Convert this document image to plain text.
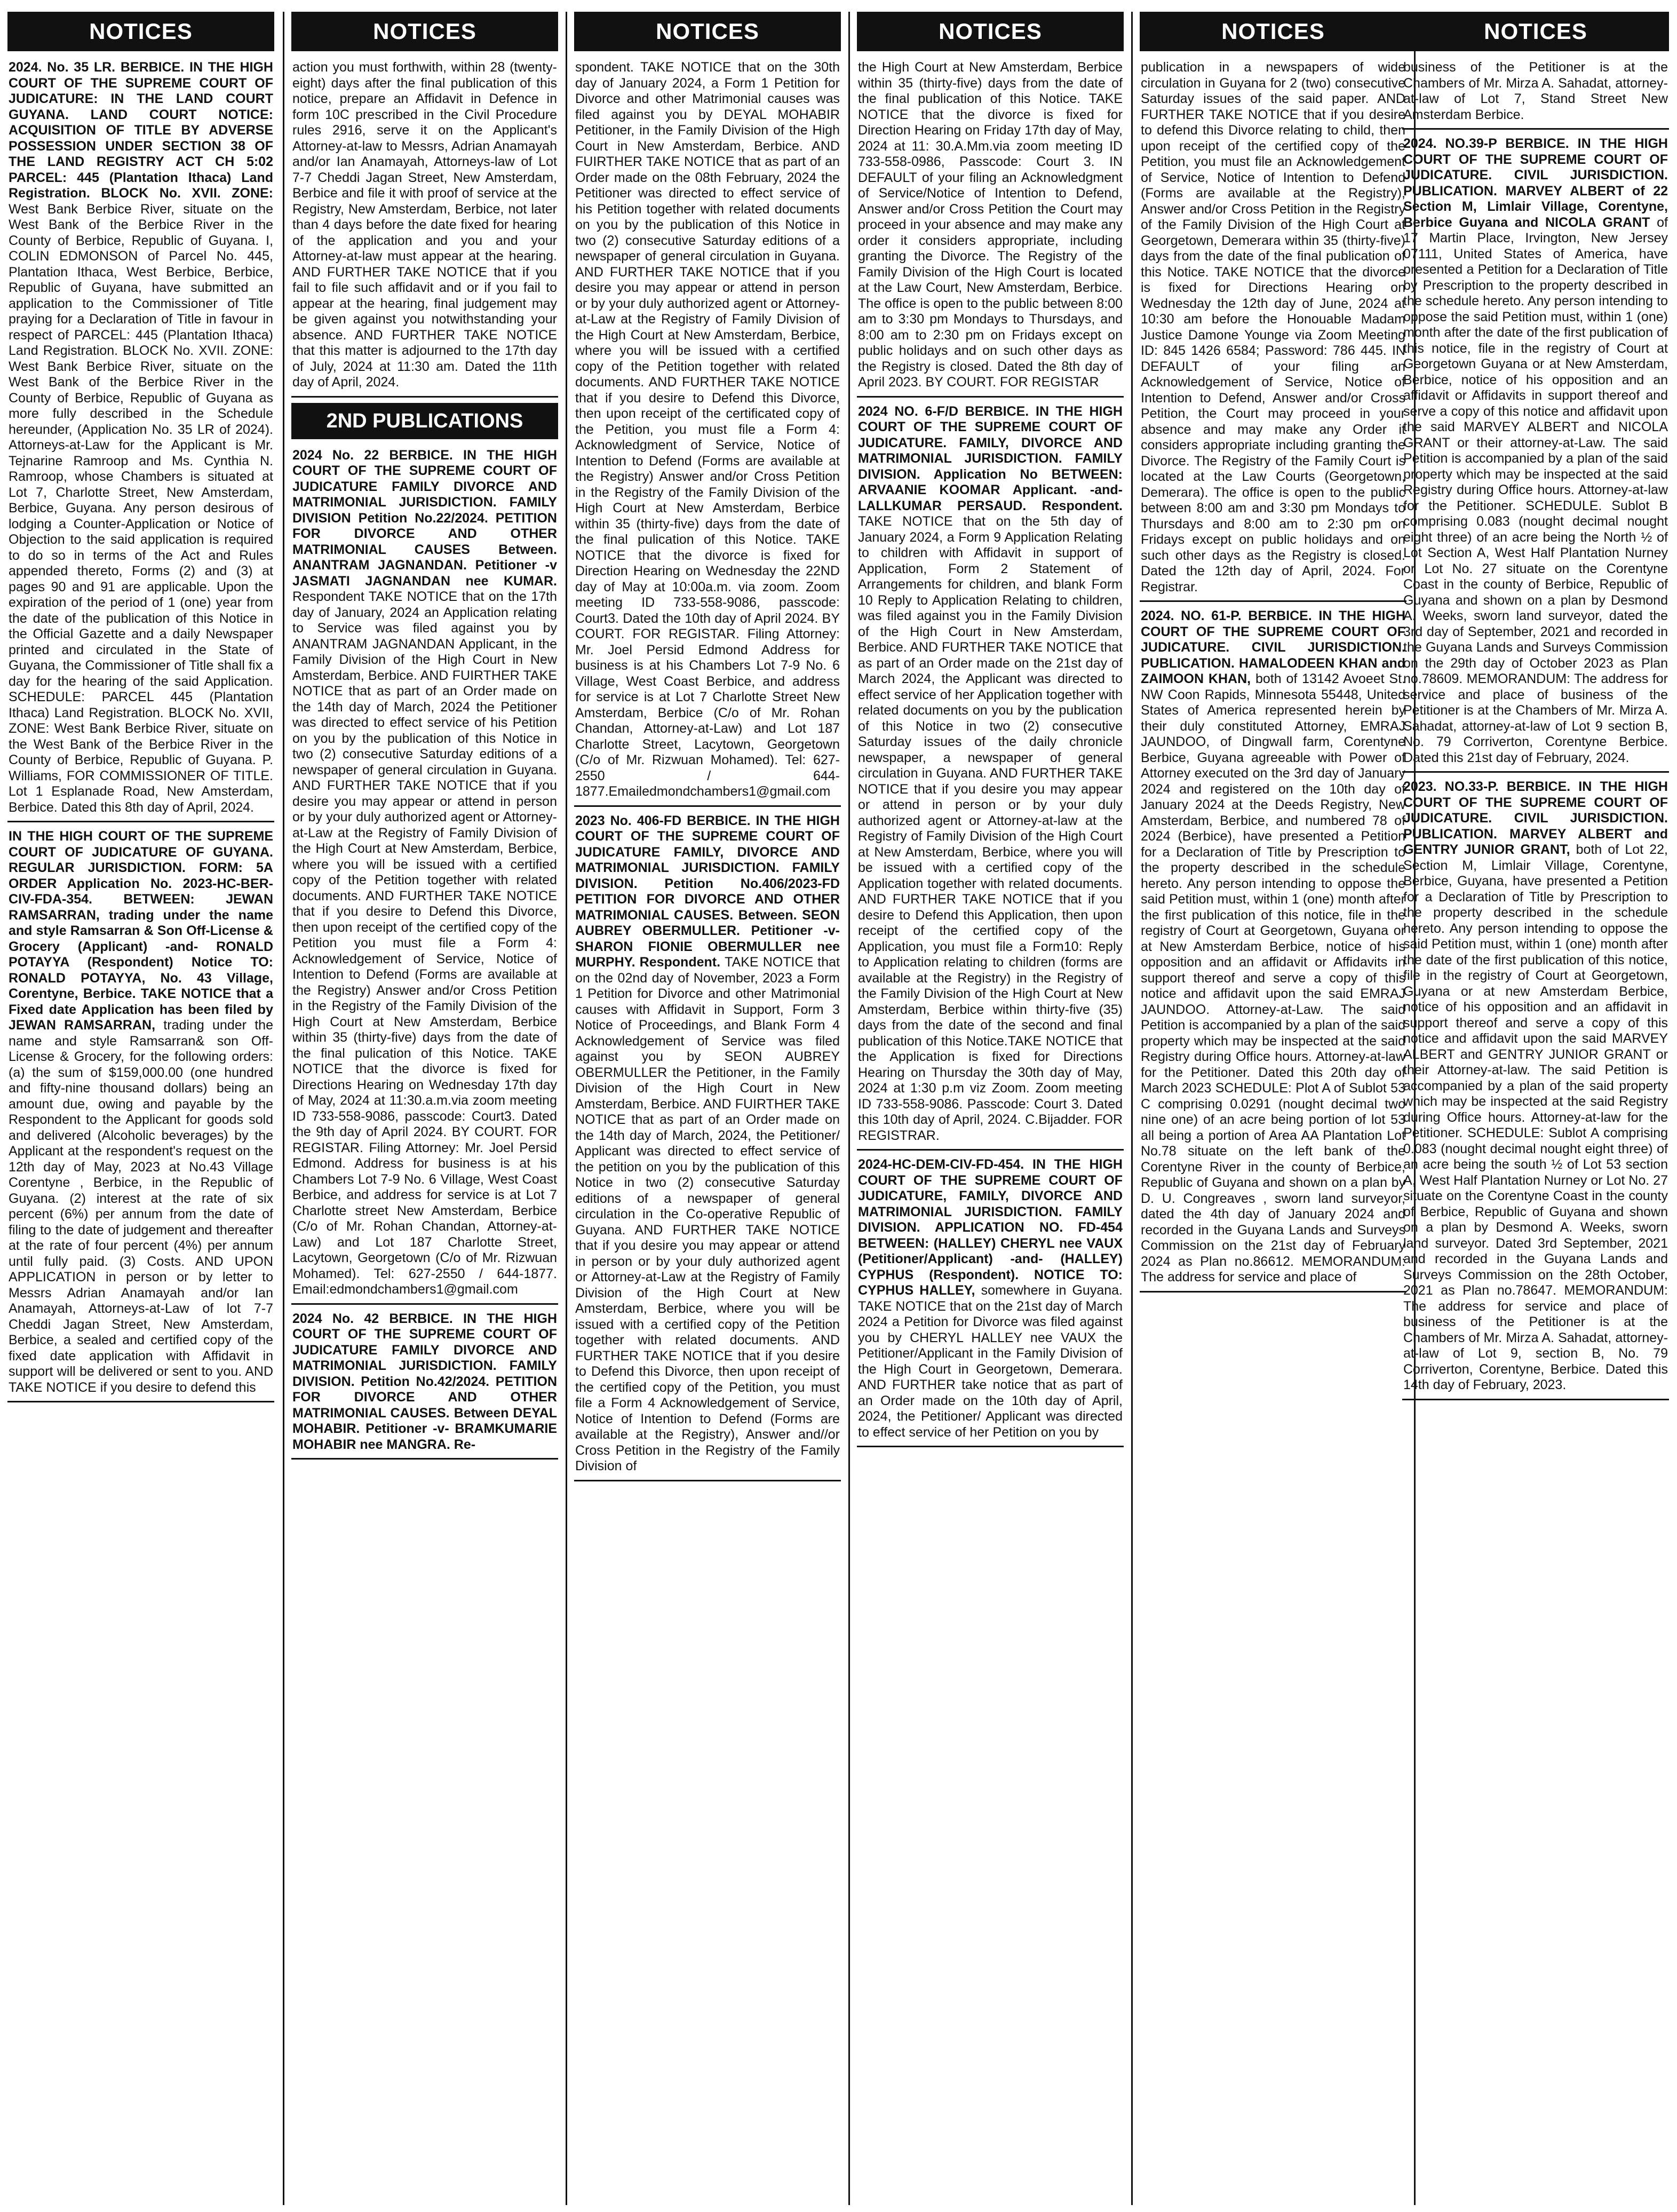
NOTICES
2024. No. 35 LR. BERBICE. IN THE HIGH COURT OF THE SUPREME COURT OF JUDICATURE: IN THE LAND COURT GUYANA. LAND COURT NOTICE: ACQUISITION OF TITLE BY ADVERSE POSSESSION UNDER SECTION 38 OF THE LAND REGISTRY ACT CH 5:02 PARCEL: 445 (Plantation Ithaca) Land Registration. BLOCK No. XVII. ZONE: West Bank Berbice River, situate on the West Bank of the Berbice River in the County of Berbice, Republic of Guyana. I, COLIN EDMONSON of Parcel No. 445, Plantation Ithaca, West Berbice, Berbice, Republic of Guyana, have submitted an application to the Commissioner of Title praying for a Declaration of Title in favour in respect of PARCEL: 445 (Plantation Ithaca) Land Registration. BLOCK No. XVII. ZONE: West Bank Berbice River, situate on the West Bank of the Berbice River in the County of Berbice, Republic of Guyana as more fully described in the Schedule hereunder, (Application No. 35 LR of 2024). Attorneys-at-Law for the Applicant is Mr. Tejnarine Ramroop and Ms. Cynthia N. Ramroop, whose Chambers is situated at Lot 7, Charlotte Street, New Amsterdam, Berbice, Guyana. Any person desirous of lodging a Counter-Application or Notice of Objection to the said application is required to do so in terms of the Act and Rules appended thereto, Forms (2) and (3) at pages 90 and 91 are applicable. Upon the expiration of the period of 1 (one) year from the date of the publication of this Notice in the Official Gazette and a daily Newspaper printed and circulated in the State of Guyana, the Commissioner of Title shall fix a day for the hearing of the said Application. SCHEDULE: PARCEL 445 (Plantation Ithaca) Land Registration. BLOCK No. XVII, ZONE: West Bank Berbice River, situate on the West Bank of the Berbice River in the County of Berbice, Republic of Guyana. P. Williams, FOR COMMISSIONER OF TITLE. Lot 1 Esplanade Road, New Amsterdam, Berbice. Dated this 8th day of April, 2024.
IN THE HIGH COURT OF THE SUPREME COURT OF JUDICATURE OF GUYANA. REGULAR JURISDICTION. FORM: 5A ORDER Application No. 2023-HC-BER-CIV-FDA-354. BETWEEN: JEWAN RAMSARRAN, trading under the name and style Ramsarran & Son Off-License & Grocery (Applicant) -and- RONALD POTAYYA (Respondent) Notice TO: RONALD POTAYYA, No. 43 Village, Corentyne, Berbice. TAKE NOTICE that a Fixed date Application has been filed by JEWAN RAMSARRAN, trading under the name and style Ramsarran& son Off-License & Grocery, for the following orders: (a) the sum of $159,000.00 (one hundred and fifty-nine thousand dollars) being an amount due, owing and payable by the Respondent to the Applicant for goods sold and delivered (Alcoholic beverages) by the Applicant at the respondent's request on the 12th day of May, 2023 at No.43 Village Corentyne , Berbice, in the Republic of Guyana. (2) interest at the rate of six percent (6%) per annum from the date of filing to the date of judgement and thereafter at the rate of four percent (4%) per annum until fully paid. (3) Costs. AND UPON APPLICATION in person or by letter to Messrs Adrian Anamayah and/or Ian Anamayah, Attorneys-at-Law of lot 7-7 Cheddi Jagan Street, New Amsterdam, Berbice, a sealed and certified copy of the fixed date application with Affidavit in support will be delivered or sent to you. AND TAKE NOTICE if you desire to defend this
NOTICES
action you must forthwith, within 28 (twenty- eight) days after the final publication of this notice, prepare an Affidavit in Defence in form 10C prescribed in the Civil Procedure rules 2916, serve it on the Applicant's Attorney-at-law to Messrs, Adrian Anamayah and/or Ian Anamayah, Attorneys-law of Lot 7-7 Cheddi Jagan Street, New Amsterdam, Berbice and file it with proof of service at the Registry, New Amsterdam, Berbice, not later than 4 days before the date fixed for hearing of the application and you and your Attorney-at-law must appear at the hearing. AND FURTHER TAKE NOTICE that if you fail to file such affidavit and or if you fail to appear at the hearing, final judgement may be given against you notwithstanding your absence. AND FURTHER TAKE NOTICE that this matter is adjourned to the 17th day of July, 2024 at 11:30 am. Dated the 11th day of April, 2024.
2ND PUBLICATIONS
2024 No. 22 BERBICE. IN THE HIGH COURT OF THE SUPREME COURT OF JUDICATURE FAMILY DIVORCE AND MATRIMONIAL JURISDICTION. FAMILY DIVISION Petition No.22/2024. PETITION FOR DIVORCE AND OTHER MATRIMONIAL CAUSES Between. ANANTRAM JAGNANDAN. Petitioner -v JASMATI JAGNANDAN nee KUMAR. Respondent TAKE NOTICE that on the 17th day of January, 2024 an Application relating to Service was filed against you by ANANTRAM JAGNANDAN Applicant, in the Family Division of the High Court in New Amsterdam, Berbice. AND FUIRTHER TAKE NOTICE that as part of an Order made on the 14th day of March, 2024 the Petitioner was directed to effect service of his Petition on you by the publication of this Notice in two (2) consecutive Saturday editions of a newspaper of general circulation in Guyana. AND FURTHER TAKE NOTICE that if you desire you may appear or attend in person or by your duly authorized agent or Attorney-at-Law at the Registry of Family Division of the High Court at New Amsterdam, Berbice, where you will be issued with a certified copy of the Petition together with related documents. AND FURTHER TAKE NOTICE that if you desire to Defend this Divorce, then upon receipt of the certified copy of the Petition you must file a Form 4: Acknowledgement of Service, Notice of Intention to Defend (Forms are available at the Registry) Answer and/or Cross Petition in the Registry of the Family Division of the High Court at New Amsterdam, Berbice within 35 (thirty-five) days from the date of the final pulication of this Notice. TAKE NOTICE that the divorce is fixed for Directions Hearing on Wednesday 17th day of May, 2024 at 11:30.a.m.via zoom meeting ID 733-558-9086, passcode: Court3. Dated the 9th day of April 2024. BY COURT. FOR REGISTAR. Filing Attorney: Mr. Joel Persid Edmond. Address for business is at his Chambers Lot 7-9 No. 6 Village, West Coast Berbice, and address for service is at Lot 7 Charlotte street New Amsterdam, Berbice (C/o of Mr. Rohan Chandan, Attorney-at-Law) and Lot 187 Charlotte Street, Lacytown, Georgetown (C/o of Mr. Rizwuan Mohamed). Tel: 627-2550 / 644-1877. Email:edmondchambers1@gmail.com
2024 No. 42 BERBICE. IN THE HIGH COURT OF THE SUPREME COURT OF JUDICATURE FAMILY DIVORCE AND MATRIMONIAL JURISDICTION. FAMILY DIVISION. Petition No.42/2024. PETITION FOR DIVORCE AND OTHER MATRIMONIAL CAUSES. Between DEYAL MOHABIR. Petitioner -v- BRAMKUMARIE MOHABIR nee MANGRA. Re-
NOTICES
spondent. TAKE NOTICE that on the 30th day of January 2024, a Form 1 Petition for Divorce and other Matrimonial causes was filed against you by DEYAL MOHABIR Petitioner, in the Family Division of the High Court in New Amsterdam, Berbice. AND FUIRTHER TAKE NOTICE that as part of an Order made on the 08th February, 2024 the Petitioner was directed to effect service of his Petition together with related documents on you by the publication of this Notice in two (2) consecutive Saturday editions of a newspaper of general circulation in Guyana. AND FURTHER TAKE NOTICE that if you desire you may appear or attend in person or by your duly authorized agent or Attorney-at-Law at the Registry of Family Division of the High Court at New Amsterdam, Berbice, where you will be issued with a certified copy of the Petition together with related documents. AND FURTHER TAKE NOTICE that if you desire to Defend this Divorce, then upon receipt of the certificated copy of the Petition, you must file a Form 4: Acknowledgment of Service, Notice of Intention to Defend (Forms are available at the Registry) Answer and/or Cross Petition in the Registry of the Family Division of the High Court at New Amsterdam, Berbice within 35 (thirty-five) days from the date of the final pulication of this Notice. TAKE NOTICE that the divorce is fixed for Direction Hearing on Wednesday the 22ND day of May at 10:00a.m. via zoom. Zoom meeting ID 733-558-9086, passcode: Court3. Dated the 10th day of April 2024. BY COURT. FOR REGISTAR. Filing Attorney: Mr. Joel Persid Edmond Address for business is at his Chambers Lot 7-9 No. 6 Village, West Coast Berbice, and address for service is at Lot 7 Charlotte Street New Amsterdam, Berbice (C/o of Mr. Rohan Chandan, Attorney-at-Law) and Lot 187 Charlotte Street, Lacytown, Georgetown (C/o of Mr. Rizwuan Mohamed). Tel: 627-2550 / 644-1877.Emailedmondchambers1@gmail.com
2023 No. 406-FD BERBICE. IN THE HIGH COURT OF THE SUPREME COURT OF JUDICATURE FAMILY, DIVORCE AND MATRIMONIAL JURISDICTION. FAMILY DIVISION. Petition No.406/2023-FD PETITION FOR DIVORCE AND OTHER MATRIMONIAL CAUSES. Between. SEON AUBREY OBERMULLER. Petitioner -v- SHARON FIONIE OBERMULLER nee MURPHY. Respondent. TAKE NOTICE that on the 02nd day of November, 2023 a Form 1 Petition for Divorce and other Matrimonial causes with Affidavit in Support, Form 3 Notice of Proceedings, and Blank Form 4 Acknowledgement of Service was filed against you by SEON AUBREY OBERMULLER the Petitioner, in the Family Division of the High Court in New Amsterdam, Berbice. AND FUIRTHER TAKE NOTICE that as part of an Order made on the 14th day of March, 2024, the Petitioner/ Applicant was directed to effect service of the petition on you by the publication of this Notice in two (2) consecutive Saturday editions of a newspaper of general circulation in the Co-operative Republic of Guyana. AND FURTHER TAKE NOTICE that if you desire you may appear or attend in person or by your duly authorized agent or Attorney-at-Law at the Registry of Family Division of the High Court at New Amsterdam, Berbice, where you will be issued with a certified copy of the Petition together with related documents. AND FURTHER TAKE NOTICE that if you desire to Defend this Divorce, then upon receipt of the certified copy of the Petition, you must file a Form 4 Acknowledgement of Service, Notice of Intention to Defend (Forms are available at the Registry), Answer and//or Cross Petition in the Registry of the Family Division of
NOTICES
the High Court at New Amsterdam, Berbice within 35 (thirty-five) days from the date of the final publication of this Notice. TAKE NOTICE that the divorce is fixed for Direction Hearing on Friday 17th day of May, 2024 at 11: 30.A.Mm.via zoom meeting ID 733-558-0986, Passcode: Court 3. IN DEFAULT of your filing an Acknowledgment of Service/Notice of Intention to Defend, Answer and/or Cross Petition the Court may proceed in your absence and may make any order it considers appropriate, including granting the Divorce. The Registry of the Family Division of the High Court is located at the Law Court, New Amsterdam, Berbice. The office is open to the public between 8:00 am to 3:30 pm Mondays to Thursdays, and 8:00 am to 2:30 pm on Fridays except on public holidays and on such other days as the Registry is closed. Dated the 8th day of April 2023. BY COURT. FOR REGISTAR
2024 NO. 6-F/D BERBICE. IN THE HIGH COURT OF THE SUPREME COURT OF JUDICATURE. FAMILY, DIVORCE AND MATRIMONIAL JURISDICTION. FAMILY DIVISION. Application No BETWEEN: ARVAANIE KOOMAR Applicant. -and- LALLKUMAR PERSAUD. Respondent. TAKE NOTICE that on the 5th day of January 2024, a Form 9 Application Relating to children with Affidavit in support of Application, Form 2 Statement of Arrangements for children, and blank Form 10 Reply to Application Relating to children, was filed against you in the Family Division of the High Court in New Amsterdam, Berbice. AND FURTHER TAKE NOTICE that as part of an Order made on the 21st day of March 2024, the Applicant was directed to effect service of her Application together with related documents on you by the publication of this Notice in two (2) consecutive Saturday issues of the daily chronicle newspaper, a newspaper of general circulation in Guyana. AND FURTHER TAKE NOTICE that if you desire you may appear or attend in person or by your duly authorized agent or Attorney-at-law at the Registry of Family Division of the High Court at New Amsterdam, Berbice, where you will be issued with a certified copy of the Application together with related documents. AND FURTHER TAKE NOTICE that if you desire to Defend this Application, then upon receipt of the certified copy of the Application, you must file a Form10: Reply to Application relating to children (forms are available at the Registry) in the Registry of the Family Division of the High Court at New Amsterdam, Berbice within thirty-five (35) days from the date of the second and final publication of this Notice.TAKE NOTICE that the Application is fixed for Directions Hearing on Thursday the 30th day of May, 2024 at 1:30 p.m viz Zoom. Zoom meeting ID 733-558-9086. Passcode: Court 3. Dated this 10th day of April, 2024. C.Bijadder. FOR REGISTRAR.
2024-HC-DEM-CIV-FD-454. IN THE HIGH COURT OF THE SUPREME COURT OF JUDICATURE, FAMILY, DIVORCE AND MATRIMONIAL JURISDICTION. FAMILY DIVISION. APPLICATION NO. FD-454 BETWEEN: (HALLEY) CHERYL nee VAUX (Petitioner/Applicant) -and- (HALLEY) CYPHUS (Respondent). NOTICE TO: CYPHUS HALLEY, somewhere in Guyana. TAKE NOTICE that on the 21st day of March 2024 a Petition for Divorce was filed against you by CHERYL HALLEY nee VAUX the Petitioner/Applicant in the Family Division of the High Court in Georgetown, Demerara. AND FURTHER take notice that as part of an Order made on the 10th day of April, 2024, the Petitioner/ Applicant was directed to effect service of her Petition on you by
NOTICES
publication in a newspapers of wide circulation in Guyana for 2 (two) consecutive Saturday issues of the said paper. AND FURTHER TAKE NOTICE that if you desire to defend this Divorce relating to child, then upon receipt of the certified copy of the Petition, you must file an Acknowledgement of Service, Notice of Intention to Defend (Forms are available at the Registry), Answer and/or Cross Petition in the Registry of the Family Division of the High Court at Georgetown, Demerara within 35 (thirty-five) days from the date of the final publication of this Notice. TAKE NOTICE that the divorce is fixed for Directions Hearing on Wednesday the 12th day of June, 2024 at 10:30 am before the Honouable Madam Justice Damone Younge via Zoom Meeting ID: 845 1426 6584; Password: 786 445. IN DEFAULT of your filing an Acknowledgement of Service, Notice of Intention to Defend, Answer and/or Cross Petition, the Court may proceed in your absence and may make any Order it considers appropriate including granting the Divorce. The Registry of the Family Court is located at the Law Courts (Georgetown, Demerara). The office is open to the public between 8:00 am and 3:30 pm Mondays to Thursdays and 8:00 am to 2:30 pm on Fridays except on public holidays and on such other days as the Registry is closed. Dated the 12th day of April, 2024. For Registrar.
2024. NO. 61-P. BERBICE. IN THE HIGH COURT OF THE SUPREME COURT OF JUDICATURE. CIVIL JURISDICTION. PUBLICATION. HAMALODEEN KHAN and ZAIMOON KHAN, both of 13142 Avoeet St. NW Coon Rapids, Minnesota 55448, United States of America represented herein by their duly constituted Attorney, EMRAJ JAUNDOO, of Dingwall farm, Corentyne Berbice, Guyana agreeable with Power of Attorney executed on the 3rd day of January 2024 and registered on the 10th day of January 2024 at the Deeds Registry, New Amsterdam, Berbice, and numbered 78 of 2024 (Berbice), have presented a Petition for a Declaration of Title by Prescription to the property described in the schedule hereto. Any person intending to oppose the said Petition must, within 1 (one) month after the first publication of this notice, file in the registry of Court at Georgetown, Guyana or at New Amsterdam Berbice, notice of his opposition and an affidavit or Affidavits in support thereof and serve a copy of this notice and affidavit upon the said EMRAJ JAUNDOO. Attorney-at-Law. The said Petition is accompanied by a plan of the said property which may be inspected at the said Registry during Office hours. Attorney-at-law for the Petitioner. Dated this 20th day of March 2023 SCHEDULE: Plot A of Sublot 53 C comprising 0.0291 (nought decimal two nine one) of an acre being portion of lot 53 all being a portion of Area AA Plantation Lot No.78 situate on the left bank of the Corentyne River in the county of Berbice, Republic of Guyana and shown on a plan by D. U. Congreaves , sworn land surveyor, dated the 4th day of January 2024 and recorded in the Guyana Lands and Surveys Commission on the 21st day of February 2024 as Plan no.86612. MEMORANDUM: The address for service and place of
NOTICES
business of the Petitioner is at the Chambers of Mr. Mirza A. Sahadat, attorney-at-law of Lot 7, Stand Street New Amsterdam Berbice.
2024. NO.39-P BERBICE. IN THE HIGH COURT OF THE SUPREME COURT OF JUDICATURE. CIVIL JURISDICTION. PUBLICATION. MARVEY ALBERT of 22 Section M, Limlair Village, Corentyne, Berbice Guyana and NICOLA GRANT of 17 Martin Place, Irvington, New Jersey 07111, United States of America, have presented a Petition for a Declaration of Title by Prescription to the property described in the schedule hereto. Any person intending to oppose the said Petition must, within 1 (one) month after the date of the first publication of this notice, file in the registry of Court at Georgetown Guyana or at New Amsterdam, Berbice, notice of his opposition and an affidavit or Affidavits in support thereof and serve a copy of this notice and affidavit upon the said MARVEY ALBERT and NICOLA GRANT or their attorney-at-Law. The said Petition is accompanied by a plan of the said property which may be inspected at the said Registry during Office hours. Attorney-at-law for the Petitioner. SCHEDULE. Sublot B comprising 0.083 (nought decimal nought eight three) of an acre being the North ½ of Lot Section A, West Half Plantation Nurney or Lot No. 27 situate on the Corentyne Coast in the county of Berbice, Republic of Guyana and shown on a plan by Desmond A. Weeks, sworn land surveyor, dated the 3rd day of September, 2021 and recorded in the Guyana Lands and Surveys Commission on the 29th day of October 2023 as Plan no.78609. MEMORANDUM: The address for service and place of business of the Petitioner is at the Chambers of Mr. Mirza A. Sahadat, attorney-at-law of Lot 9 section B, No. 79 Corriverton, Corentyne Berbice. Dated this 21st day of February, 2024.
2023. NO.33-P. BERBICE. IN THE HIGH COURT OF THE SUPREME COURT OF JUDICATURE. CIVIL JURISDICTION. PUBLICATION. MARVEY ALBERT and GENTRY JUNIOR GRANT, both of Lot 22, Section M, Limlair Village, Corentyne, Berbice, Guyana, have presented a Petition for a Declaration of Title by Prescription to the property described in the schedule hereto. Any person intending to oppose the said Petition must, within 1 (one) month after the date of the first publication of this notice, file in the registry of Court at Georgetown, Guyana or at new Amsterdam Berbice, notice of his opposition and an affidavit in support thereof and serve a copy of this notice and affidavit upon the said MARVEY ALBERT and GENTRY JUNIOR GRANT or their Attorney-at-law. The said Petition is accompanied by a plan of the said property which may be inspected at the said Registry during Office hours. Attorney-at-law for the Petitioner. SCHEDULE: Sublot A comprising 0.083 (nought decimal nought eight three) of an acre being the south ½ of Lot 53 section A, West Half Plantation Nurney or Lot No. 27 situate on the Corentyne Coast in the county of Berbice, Republic of Guyana and shown on a plan by Desmond A. Weeks, sworn land surveyor. Dated 3rd September, 2021 and recorded in the Guyana Lands and Surveys Commission on the 28th October, 2021 as Plan no.78647. MEMORANDUM: The address for service and place of business of the Petitioner is at the Chambers of Mr. Mirza A. Sahadat, attorney-at-law of Lot 9, section B, No. 79 Corriverton, Corentyne, Berbice. Dated this 14th day of February, 2023.
